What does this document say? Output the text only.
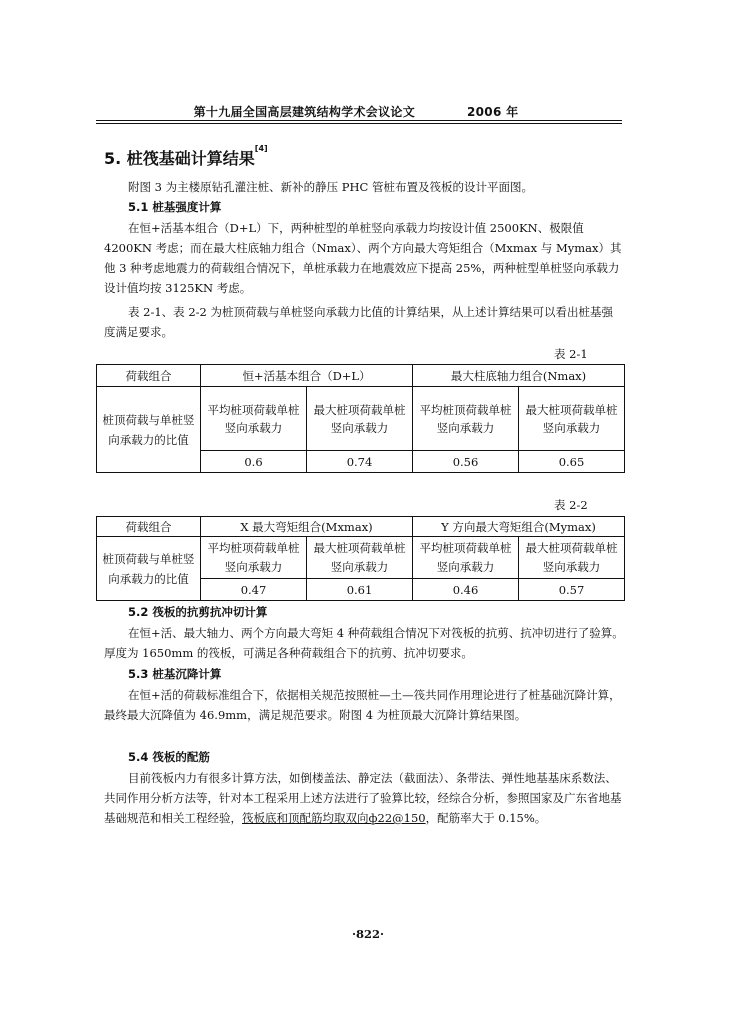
第十九届全国高层建筑结构学术会议论文	2006 年
5. 桩筏基础计算结果[4]
附图 3 为主楼原钻孔灌注桩、新补的静压 PHC 管桩布置及筏板的设计平面图。
5.1 桩基强度计算
在恒+活基本组合（D+L）下，两种桩型的单桩竖向承载力均按设计值 2500KN、极限值 4200KN 考虑；而在最大柱底轴力组合（Nmax）、两个方向最大弯矩组合（Mxmax 与 Mymax）其他 3 种考虑地震力的荷载组合情况下，单桩承载力在地震效应下提高 25%，两种桩型单桩竖向承载力设计值均按 3125KN 考虑。
表 2-1、表 2-2 为桩顶荷载与单桩竖向承载力比值的计算结果，从上述计算结果可以看出桩基强度满足要求。
表 2-1
荷载组合	恒+活基本组合（D+L）		最大柱底轴力组合(Nmax)	
桩顶荷载与单桩竖向承载力的比值	平均桩项荷载单桩竖向承载力	最大桩项荷载单桩竖向承载力	平均桩顶荷载单桩竖向承载力	最大桩项荷载单桩竖向承载力
	0.6	0.74	0.56	0.65
表 2-2
荷载组合	X 最大弯矩组合(Mxmax)		Y 方向最大弯矩组合(Mymax)	
桩顶荷载与单桩竖向承载力的比值	平均桩项荷载单桩竖向承载力	最大桩项荷载单桩竖向承载力	平均桩项荷载单桩竖向承载力	最大桩项荷载单桩竖向承载力
	0.47	0.61	0.46	0.57
5.2 筏板的抗剪抗冲切计算
在恒+活、最大轴力、两个方向最大弯矩 4 种荷载组合情况下对筏板的抗剪、抗冲切进行了验算。厚度为 1650mm 的筏板，可满足各种荷载组合下的抗剪、抗冲切要求。
5.3 桩基沉降计算
在恒+活的荷载标准组合下，依据相关规范按照桩—土—筏共同作用理论进行了桩基础沉降计算，最终最大沉降值为 46.9mm，满足规范要求。附图 4 为桩顶最大沉降计算结果图。
5.4 筏板的配筋
目前筏板内力有很多计算方法，如倒楼盖法、静定法（截面法）、条带法、弹性地基基床系数法、共同作用分析方法等，针对本工程采用上述方法进行了验算比较，经综合分析，参照国家及广东省地基基础规范和相关工程经验，筏板底和顶配筋均取双向ф22@150，配筋率大于 0.15%。
·822·
